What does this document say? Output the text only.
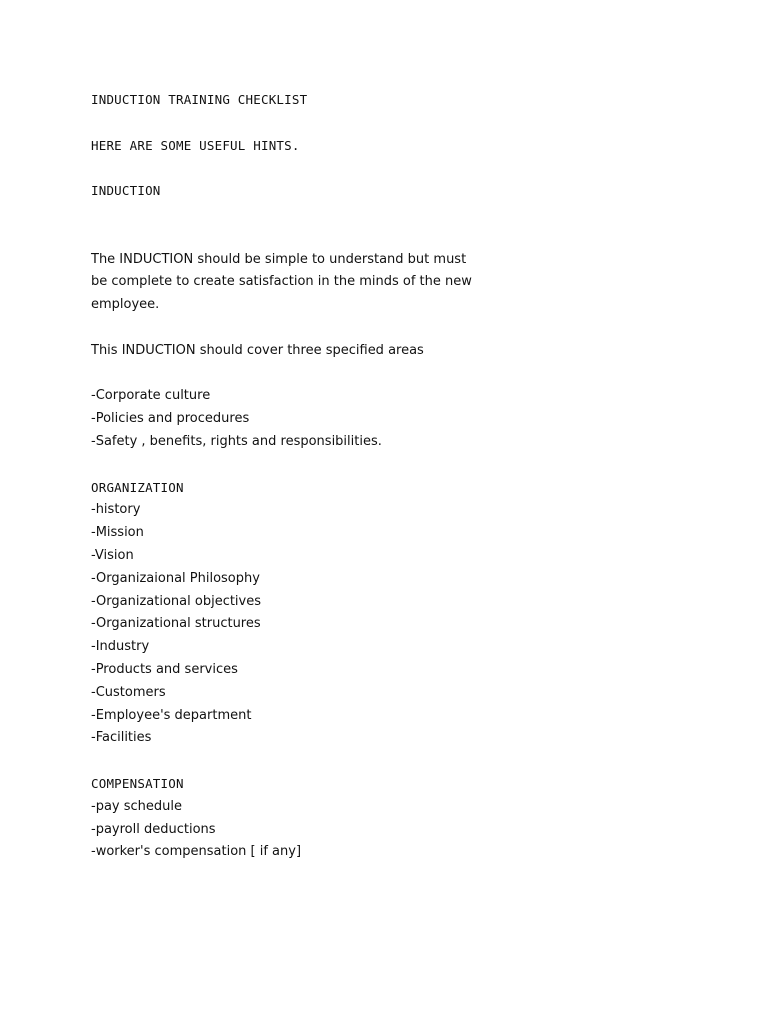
INDUCTION TRAINING CHECKLIST
HERE ARE SOME USEFUL HINTS.
INDUCTION
The INDUCTION should be simple to understand but must
be complete to create satisfaction in the minds of the new
employee.
This INDUCTION should cover three specified areas
-Corporate culture
-Policies and procedures
-Safety , benefits, rights and responsibilities.
ORGANIZATION
-history
-Mission
-Vision
-Organizaional Philosophy
-Organizational objectives
-Organizational structures
-Industry
-Products and services
-Customers
-Employee's department
-Facilities
COMPENSATION
-pay schedule
-payroll deductions
-worker's compensation [ if any]
